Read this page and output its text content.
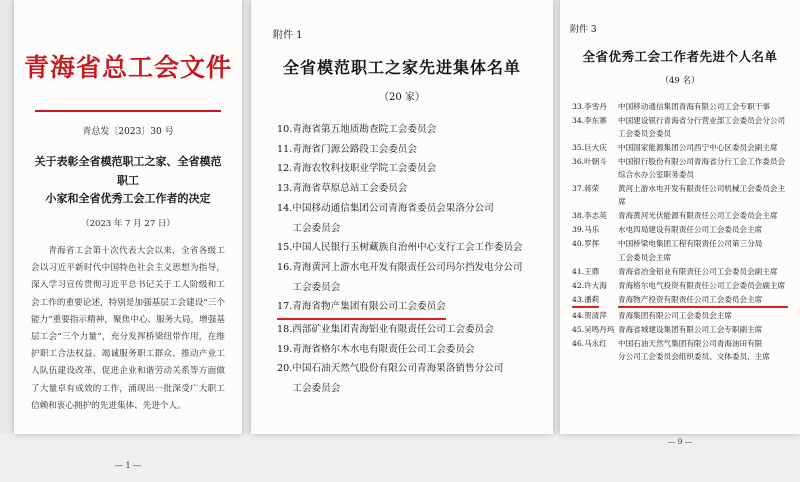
青海省总工会文件
青总发〔2023〕30 号
关于表彰全省模范职工之家、全省模范职工
小家和全省优秀工会工作者的决定
（2023 年 7 月 27 日）

青海省工会第十次代表大会以来，全省各级工会以习近平新时代中国特色社会主义思想为指导，深入学习宣传贯彻习近平总书记关于工人阶级和工会工作的重要论述，特别是加强基层工会建设“三个能力”重要指示精神，聚焦中心、服务大局，增强基层工会“三个力量”，充分发挥桥梁纽带作用，在维护职工合法权益、竭诚服务职工群众、推动产业工人队伍建设改革、促进企业和谐劳动关系等方面做了大量卓有成效的工作，涌现出一批深受广大职工信赖和衷心拥护的先进集体、先进个人。

— 1 —
附件 1
全省模范职工之家先进集体名单
（20 家）
10.青海省第五地质勘查院工会委员会
11.青海省门源公路段工会委员会
12.青海农牧科技职业学院工会委员会
13.青海省草原总站工会委员会
14.中国移动通信集团公司青海省委员会果洛分公司
工会委员会
15.中国人民银行玉树藏族自治州中心支行工会工作委员会
16.青海黄河上游水电开发有限责任公司玛尔挡发电分公司
工会委员会
17.青海省物产集团有限公司工会委员会
18.西部矿业集团青海铝业有限责任公司工会委员会
19.青海省格尔木水电有限责任公司工会委员会
20.中国石油天然气股份有限公司青海果洛销售分公司
工会委员会
附件 3
全省优秀工会工作者先进个人名单
（49 名）
33.李雪丹	中国移动通信集团青海有限公司工会专职干事
34.李东寨	中国建设银行青海省分行营业部工会委员会分公司
工会委员会委员
35.巨大庆	中国国家能源集团公司西宁中心区委员会副主席
36.叶朝斗	中国银行股份有限公司青海省分行工会工作委员会
综合水办公室职务委员
37.蒋荣	黄河上游水电开发有限责任公司机械工会委员会主席
38.李志英	青海黄河光伏能源有限责任公司工会委员会主席
39.马乐	水电四局建设有限责任公司工会委员会主席
40.罗挥	中国桥梁电集团工程有限责任公司第三分局
工会委员会主席
41.王鼎	青海省冶金铝业有限责任公司工会委员会副主席
42.许大海	青海格尔电气投资有限责任公司工会委员会副主席
43.潘莉	青海物产投资有限责任公司工会委员会主席
44.贺清萍	青海集团有限公司工会委员会主席
45.吴鸣丹玛 青海省城建设集团有限公司工会专职副主席
46.马永红	中国石油天然气集团有限公司青海油田有限
分公司工会委员会组织委员、文体委员、主席
— 9 —
